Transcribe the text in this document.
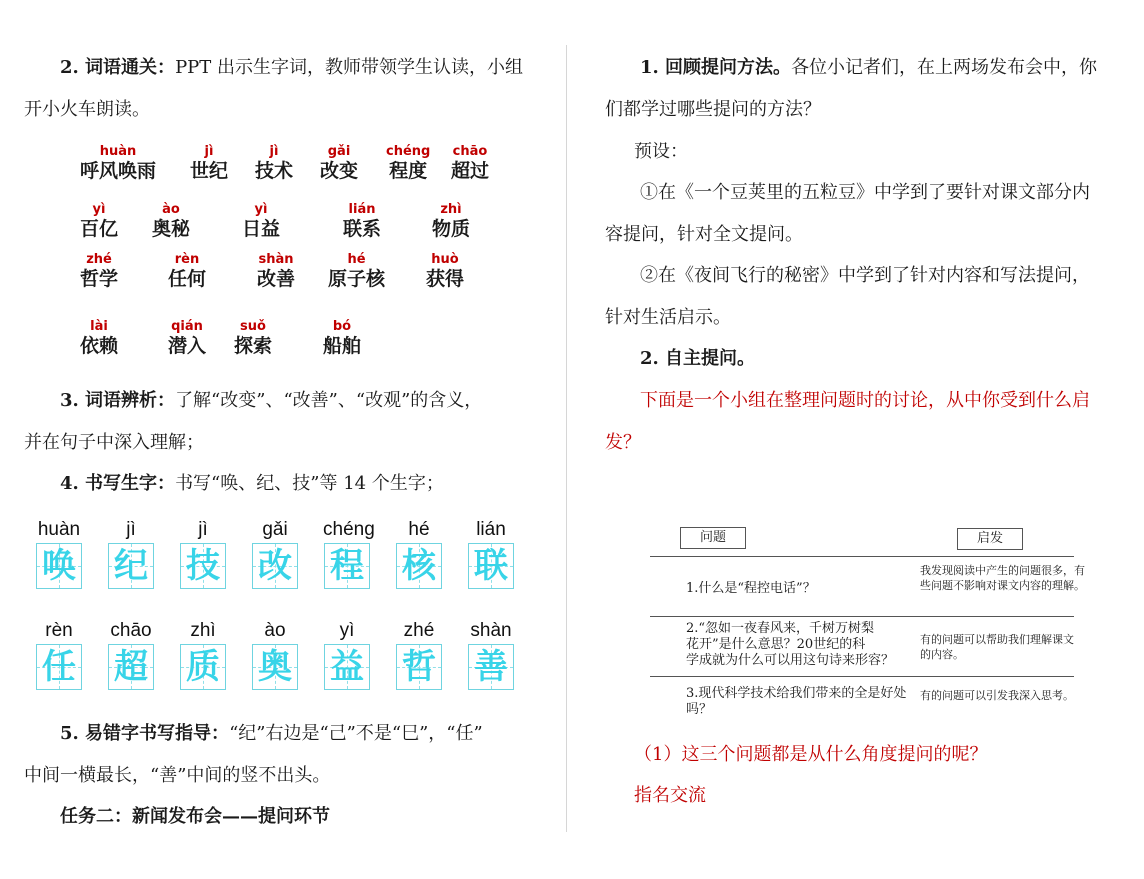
2. 词语通关：PPT 出示生字词，教师带领学生认读，小组
开小火车朗读。
huàn
呼风唤雨
jì
世纪
jì
技术
gǎi
改变
chéng
程度
chāo
超过
yì
百亿
ào
奥秘
yì
日益
lián
联系
zhì
物质
zhé
哲学
rèn
任何
shàn
改善
hé
原子核
huò
获得
lài
依赖
qián
潜入
suǒ
探索
bó
船舶
3. 词语辨析：了解“改变”、“改善”、“改观”的含义，
并在句子中深入理解；
4. 书写生字：书写“唤、纪、技”等 14 个生字；
huàn
唤
jì
纪
jì
技
gǎi
改
chéng
程
hé
核
lián
联
rèn
任
chāo
超
zhì
质
ào
奥
yì
益
zhé
哲
shàn
善
5. 易错字书写指导：“纪”右边是“己”不是“巳”，“任”
中间一横最长，“善”中间的竖不出头。
任务二：新闻发布会——提问环节
1. 回顾提问方法。各位小记者们，在上两场发布会中，你
们都学过哪些提问的方法？
预设：
①在《一个豆荚里的五粒豆》中学到了要针对课文部分内
容提问，针对全文提问。
②在《夜间飞行的秘密》中学到了针对内容和写法提问，
针对生活启示。
2. 自主提问。
下面是一个小组在整理问题时的讨论，从中你受到什么启
发？
问题	启发
1.什么是“程控电话”？
我发现阅读中产生的问题很多，有
些问题不影响对课文内容的理解。
2.“忽如一夜春风来，千树万树梨
花开”是什么意思？20世纪的科
学成就为什么可以用这句诗来形容？
有的问题可以帮助我们理解课文
的内容。
3.现代科学技术给我们带来的全是好处
吗？
有的问题可以引发我深入思考。
（1）这三个问题都是从什么角度提问的呢？
指名交流
